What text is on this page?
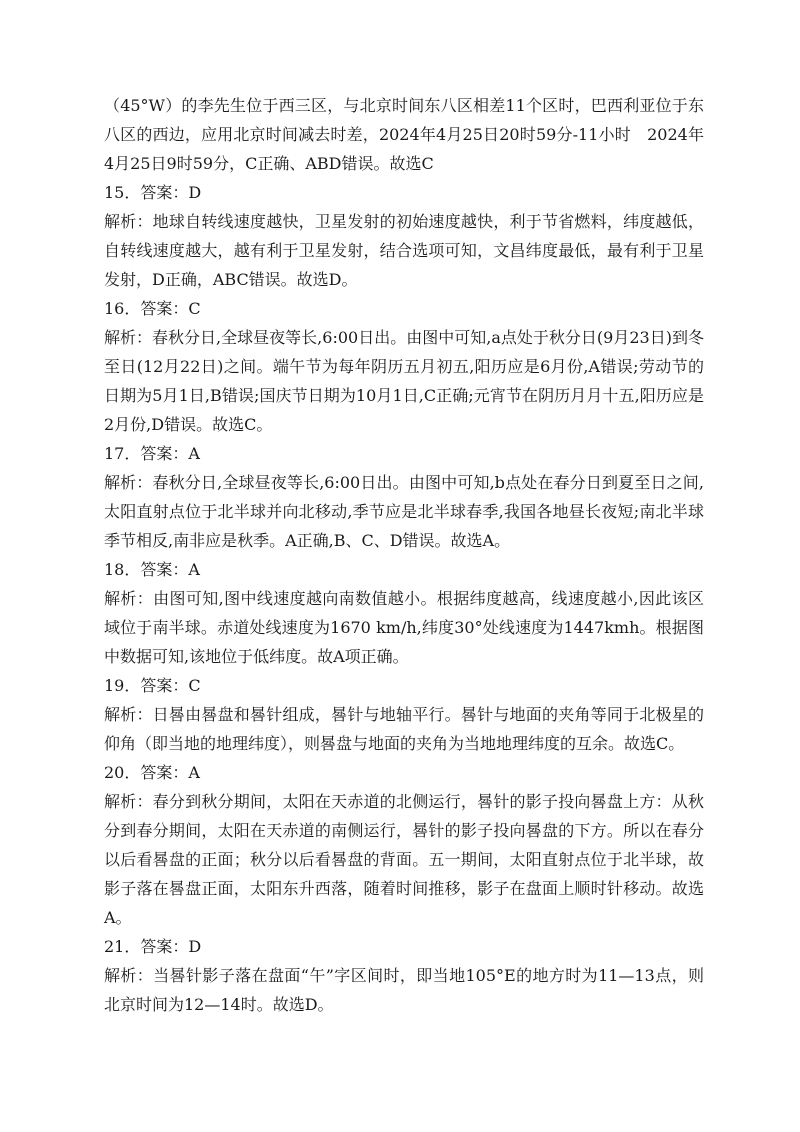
（45°W）的李先生位于西三区，与北京时间东八区相差11个区时，巴西利亚位于东八区的西边，应用北京时间减去时差，2024年4月25日20时59分-11小时　2024年4月25日9时59分，C正确、ABD错误。故选C

15．答案：D

解析：地球自转线速度越快，卫星发射的初始速度越快，利于节省燃料，纬度越低，自转线速度越大，越有利于卫星发射，结合选项可知，文昌纬度最低，最有利于卫星发射，D正确，ABC错误。故选D。

16．答案：C

解析：春秋分日,全球昼夜等长,6:00日出。由图中可知,a点处于秋分日(9月23日)到冬至日(12月22日)之间。端午节为每年阴历五月初五,阳历应是6月份,A错误;劳动节的日期为5月1日,B错误;国庆节日期为10月1日,C正确;元宵节在阴历月月十五,阳历应是2月份,D错误。故选C。

17．答案：A

解析：春秋分日,全球昼夜等长,6:00日出。由图中可知,b点处在春分日到夏至日之间,太阳直射点位于北半球并向北移动,季节应是北半球春季,我国各地昼长夜短;南北半球季节相反,南非应是秋季。A正确,B、C、D错误。故选A。

18．答案：A

解析：由图可知,图中线速度越向南数值越小。根据纬度越高，线速度越小,因此该区域位于南半球。赤道处线速度为1670 km/h,纬度30°处线速度为1447kmh。根据图中数据可知,该地位于低纬度。故A项正确。

19．答案：C

解析：日晷由晷盘和晷针组成，晷针与地轴平行。晷针与地面的夹角等同于北极星的仰角（即当地的地理纬度），则晷盘与地面的夹角为当地地理纬度的互余。故选C。

20．答案：A

解析：春分到秋分期间，太阳在天赤道的北侧运行，晷针的影子投向晷盘上方：从秋分到春分期间，太阳在天赤道的南侧运行，晷针的影子投向晷盘的下方。所以在春分以后看晷盘的正面；秋分以后看晷盘的背面。五一期间，太阳直射点位于北半球，故影子落在晷盘正面，太阳东升西落，随着时间推移，影子在盘面上顺时针移动。故选A。

21．答案：D

解析：当晷针影子落在盘面“午”字区间时，即当地105°E的地方时为11—13点，则北京时间为12—14时。故选D。
